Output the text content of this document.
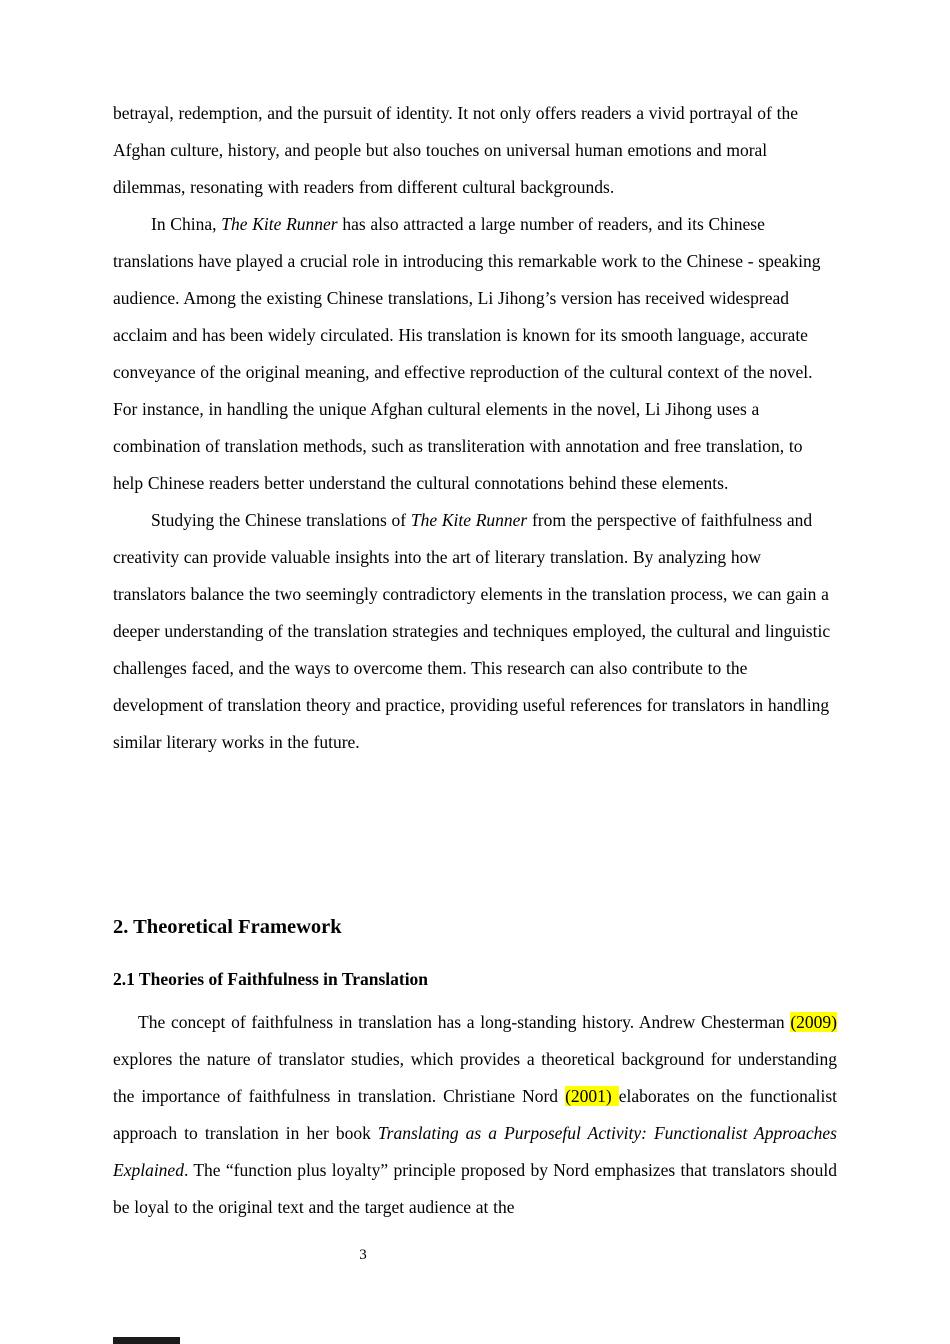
betrayal, redemption, and the pursuit of identity. It not only offers readers a vivid portrayal of the Afghan culture, history, and people but also touches on universal human emotions and moral dilemmas, resonating with readers from different cultural backgrounds.

In China, The Kite Runner has also attracted a large number of readers, and its Chinese translations have played a crucial role in introducing this remarkable work to the Chinese - speaking audience. Among the existing Chinese translations, Li Jihong’s version has received widespread acclaim and has been widely circulated. His translation is known for its smooth language, accurate conveyance of the original meaning, and effective reproduction of the cultural context of the novel. For instance, in handling the unique Afghan cultural elements in the novel, Li Jihong uses a combination of translation methods, such as transliteration with annotation and free translation, to help Chinese readers better understand the cultural connotations behind these elements.

Studying the Chinese translations of The Kite Runner from the perspective of faithfulness and creativity can provide valuable insights into the art of literary translation. By analyzing how translators balance the two seemingly contradictory elements in the translation process, we can gain a deeper understanding of the translation strategies and techniques employed, the cultural and linguistic challenges faced, and the ways to overcome them. This research can also contribute to the development of translation theory and practice, providing useful references for translators in handling similar literary works in the future.

2. Theoretical Framework
2.1 Theories of Faithfulness in Translation

The concept of faithfulness in translation has a long-standing history. Andrew Chesterman (2009) explores the nature of translator studies, which provides a theoretical background for understanding the importance of faithfulness in translation. Christiane Nord (2001) elaborates on the functionalist approach to translation in her book Translating as a Purposeful Activity: Functionalist Approaches Explained. The “function plus loyalty” principle proposed by Nord emphasizes that translators should be loyal to the original text and the target audience at the

3
